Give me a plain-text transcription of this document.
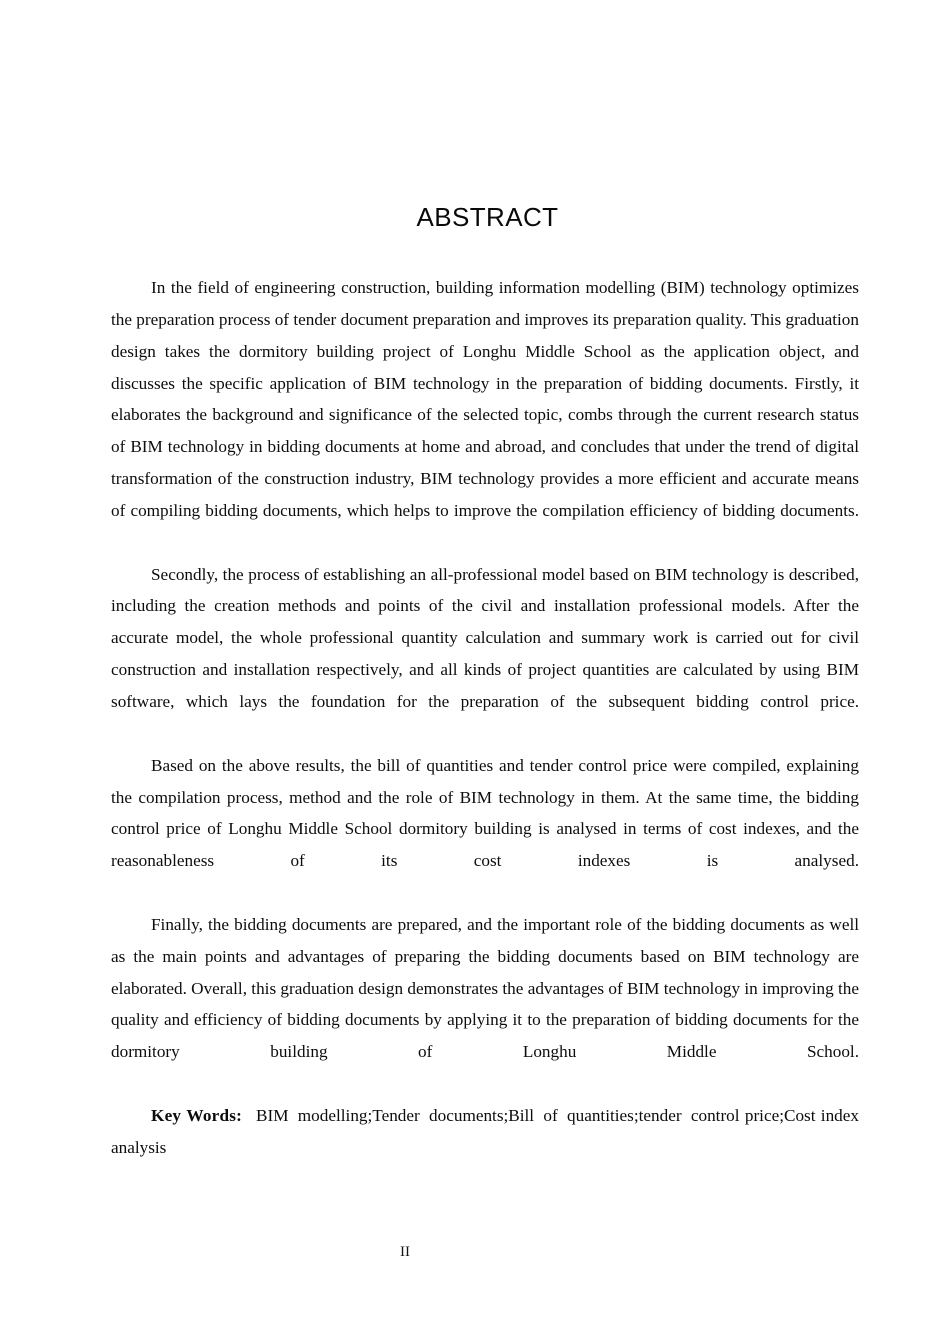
ABSTRACT

In the field of engineering construction, building information modelling (BIM) technology optimizes the preparation process of tender document preparation and improves its preparation quality. This graduation design takes the dormitory building project of Longhu Middle School as the application object, and discusses the specific application of BIM technology in the preparation of bidding documents. Firstly, it elaborates the background and significance of the selected topic, combs through the current research status of BIM technology in bidding documents at home and abroad, and concludes that under the trend of digital transformation of the construction industry, BIM technology provides a more efficient and accurate means of compiling bidding documents, which helps to improve the compilation efficiency of bidding documents.

Secondly, the process of establishing an all-professional model based on BIM technology is described, including the creation methods and points of the civil and installation professional models. After the accurate model, the whole professional quantity calculation and summary work is carried out for civil construction and installation respectively, and all kinds of project quantities are calculated by using BIM software, which lays the foundation for the preparation of the subsequent bidding control price.

Based on the above results, the bill of quantities and tender control price were compiled, explaining the compilation process, method and the role of BIM technology in them. At the same time, the bidding control price of Longhu Middle School dormitory building is analysed in terms of cost indexes, and the reasonableness of its cost indexes is analysed.

Finally, the bidding documents are prepared, and the important role of the bidding documents as well as the main points and advantages of preparing the bidding documents based on BIM technology are elaborated. Overall, this graduation design demonstrates the advantages of BIM technology in improving the quality and efficiency of bidding documents by applying it to the preparation of bidding documents for the dormitory building of Longhu Middle School.

Key Words: BIM modelling;Tender documents;Bill of quantities;tender control price;Cost index analysis

II
